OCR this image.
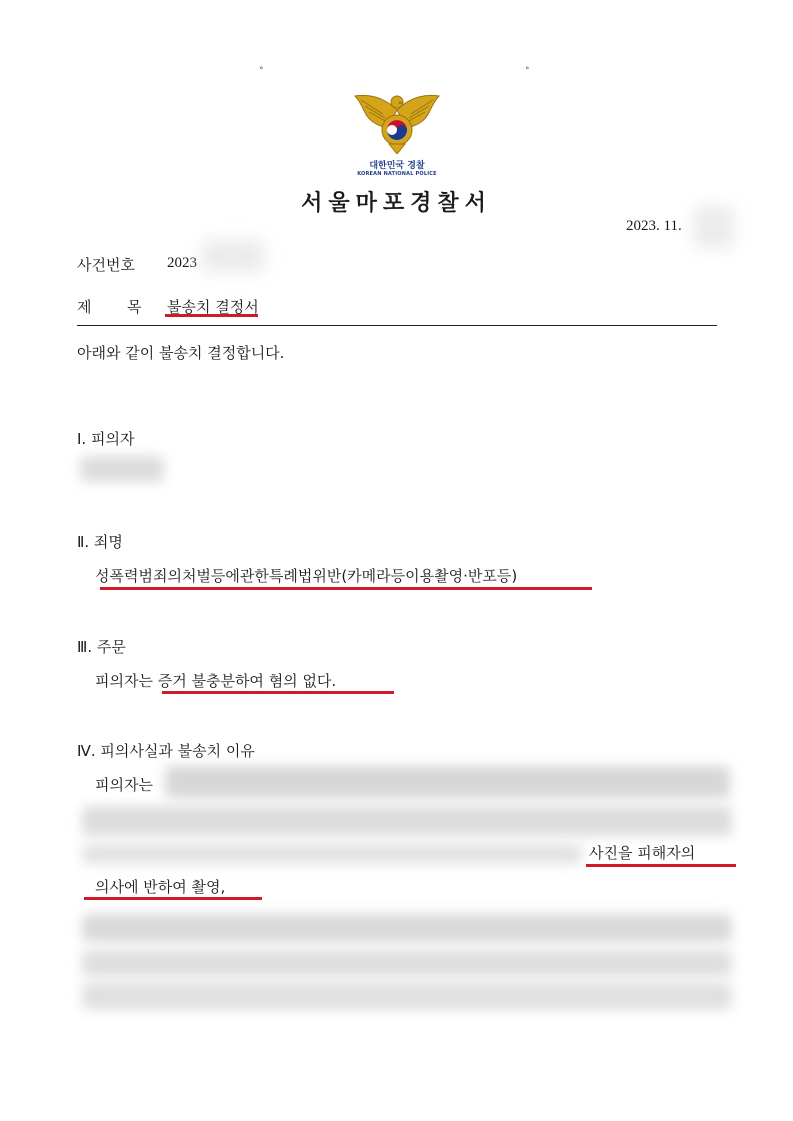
°	°
대한민국 경찰
KOREAN NATIONAL POLICE
서울마포경찰서
2023. 11.
사건번호 2023
제 목 불송치 결정서
아래와 같이 불송치 결정합니다.
Ⅰ. 피의자
Ⅱ. 죄명
성폭력범죄의처벌등에관한특례법위반(카메라등이용촬영·반포등)
Ⅲ. 주문
피의자는 증거 불충분하여 혐의 없다.
Ⅳ. 피의사실과 불송치 이유
피의자는
사진을 피해자의
의사에 반하여 촬영,
